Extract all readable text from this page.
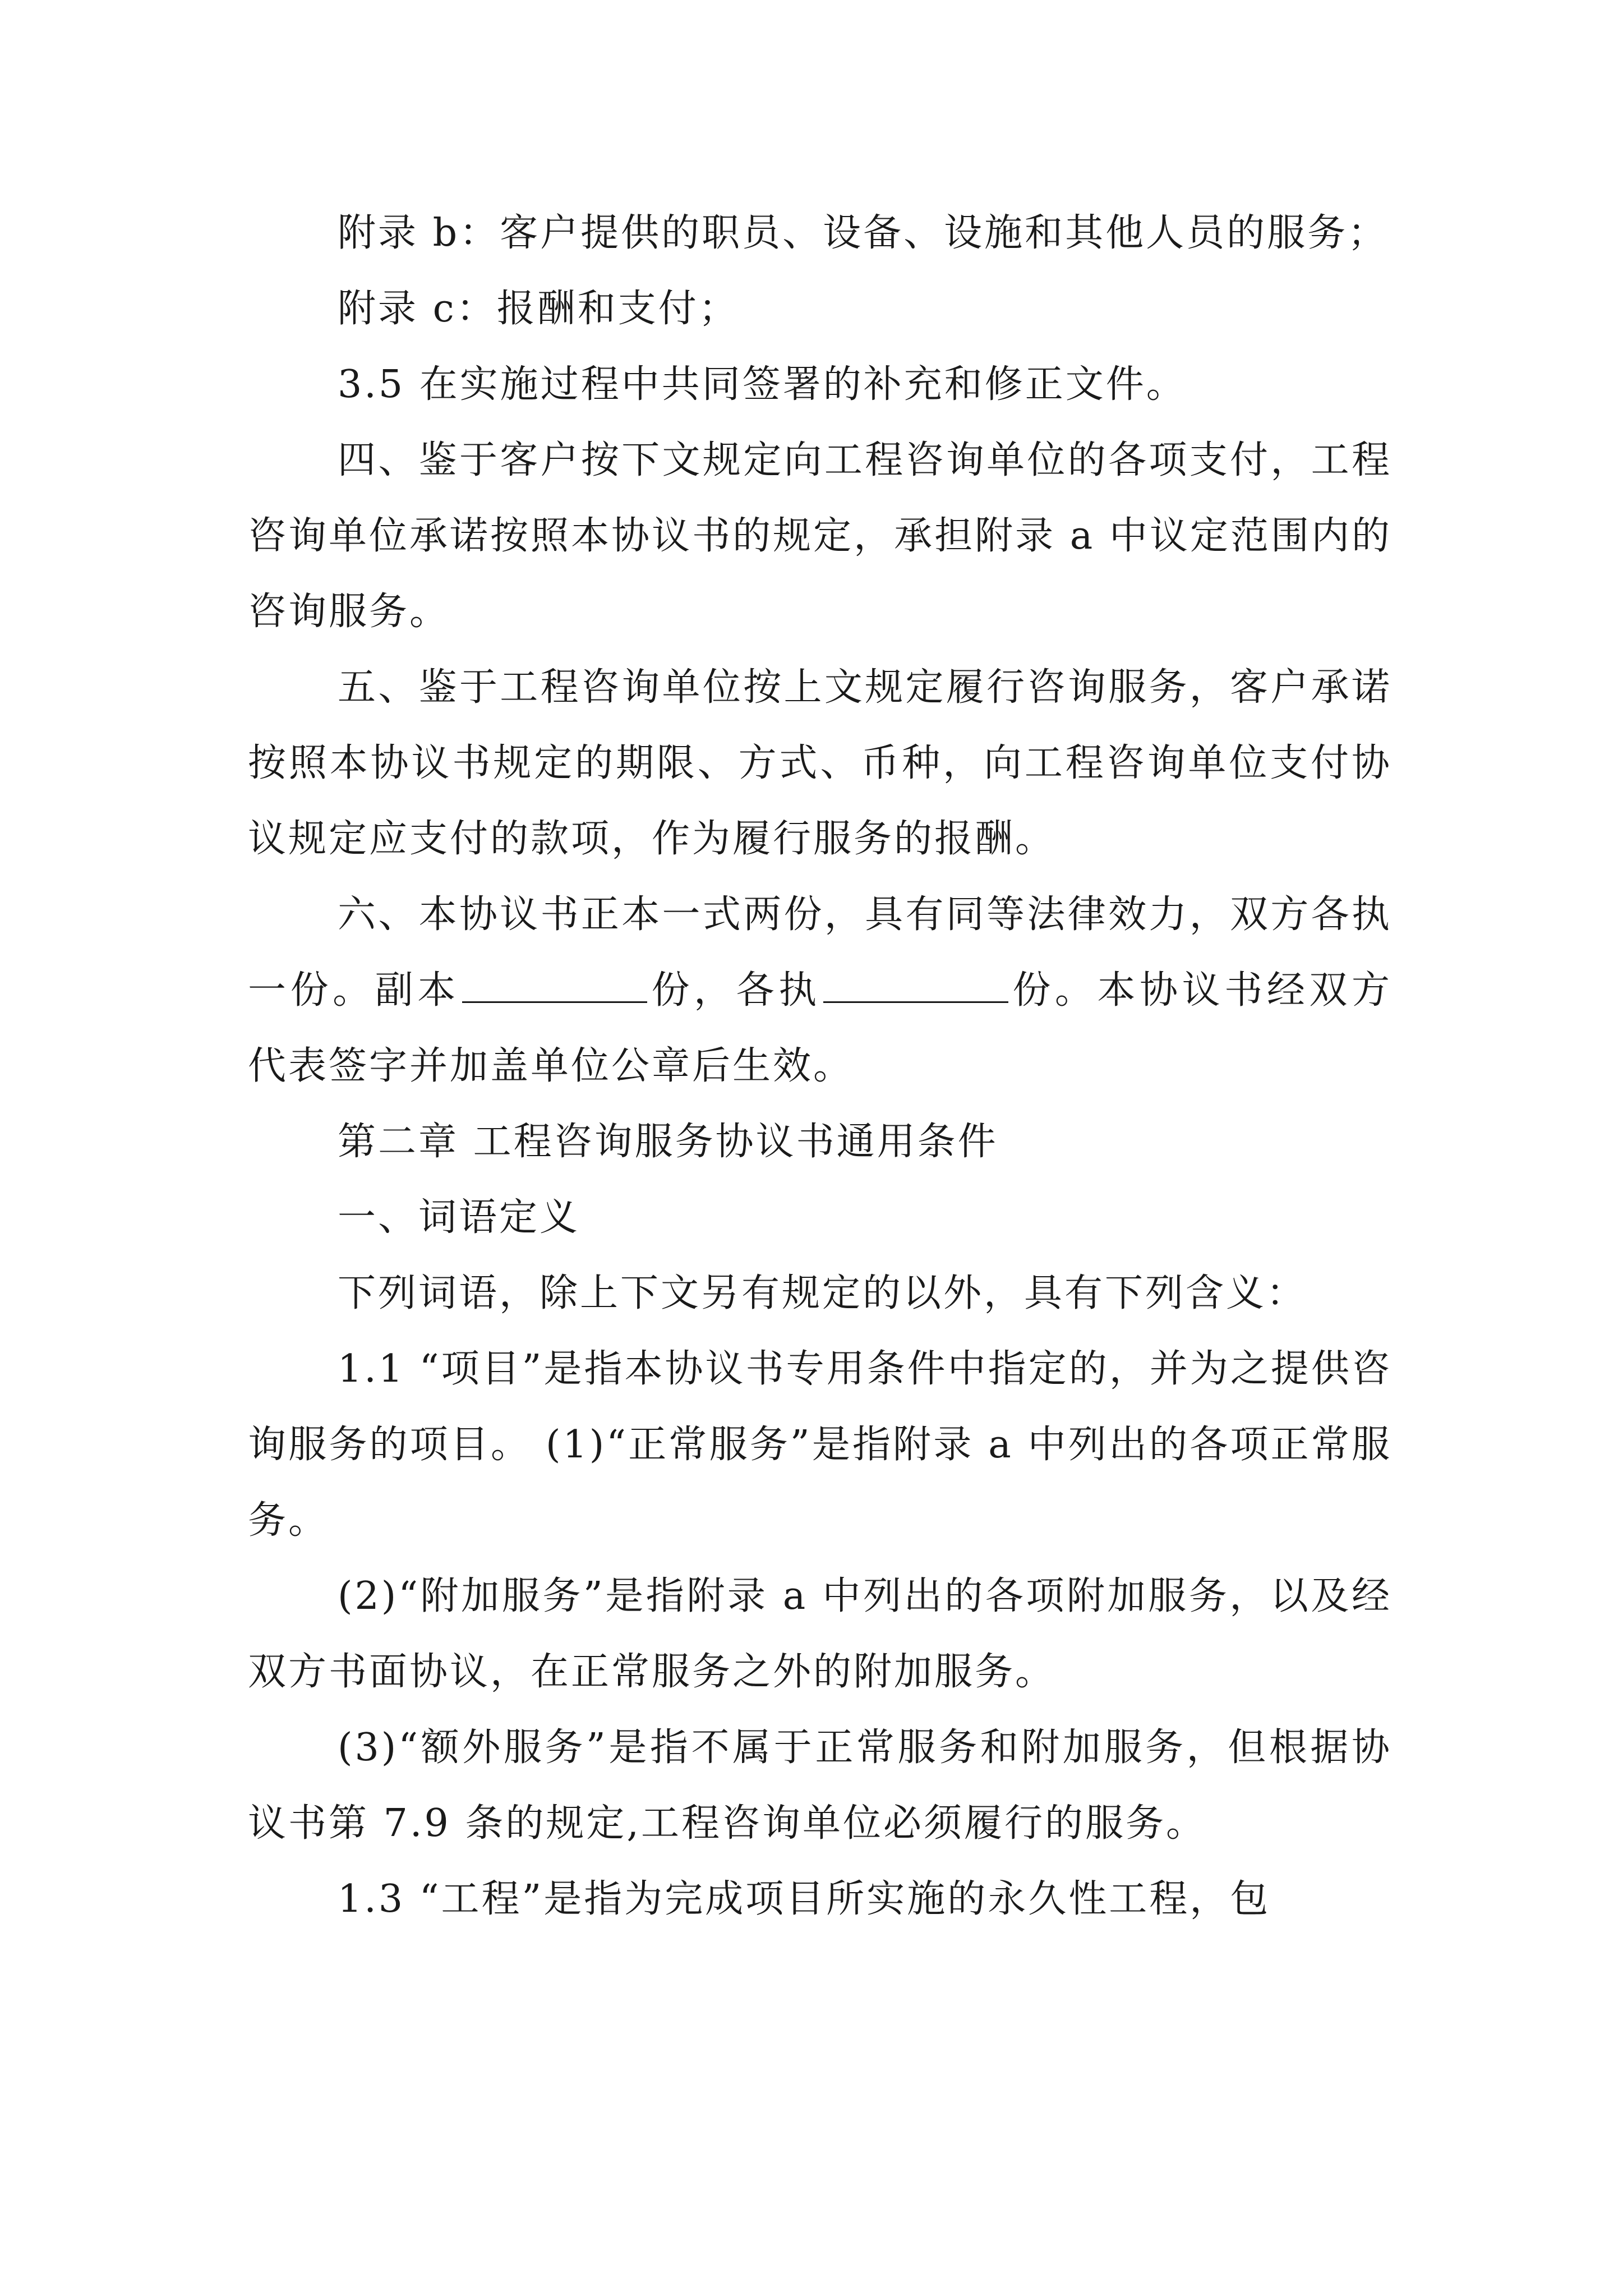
附录 b：客户提供的职员、设备、设施和其他人员的服务；

附录 c：报酬和支付；

3.5 在实施过程中共同签署的补充和修正文件。

四、鉴于客户按下文规定向工程咨询单位的各项支付，工程咨询单位承诺按照本协议书的规定，承担附录 a 中议定范围内的咨询服务。

五、鉴于工程咨询单位按上文规定履行咨询服务，客户承诺按照本协议书规定的期限、方式、币种，向工程咨询单位支付协议规定应支付的款项，作为履行服务的报酬。

六、本协议书正本一式两份，具有同等法律效力，双方各执一份。副本	份，各执	份。本协议书经双方代表签字并加盖单位公章后生效。

第二章 工程咨询服务协议书通用条件

一、词语定义

下列词语，除上下文另有规定的以外，具有下列含义：

1.1 “项目”是指本协议书专用条件中指定的，并为之提供咨询服务的项目。 (1)“正常服务”是指附录 a 中列出的各项正常服务。

(2)“附加服务”是指附录 a 中列出的各项附加服务，以及经双方书面协议，在正常服务之外的附加服务。

(3)“额外服务”是指不属于正常服务和附加服务，但根据协议书第 7.9 条的规定,工程咨询单位必须履行的服务。

1.3 “工程”是指为完成项目所实施的永久性工程，包
